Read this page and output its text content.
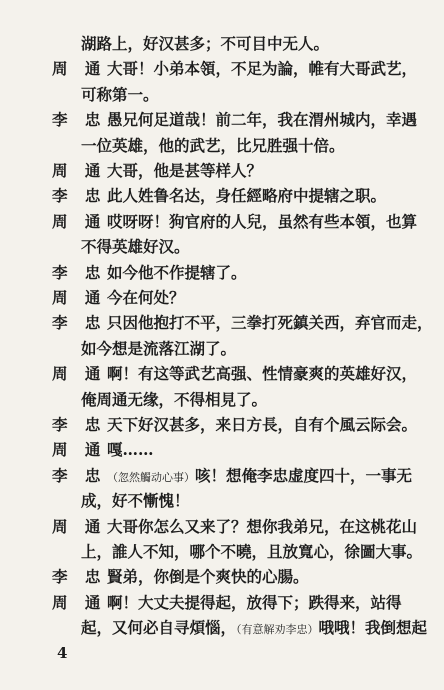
湖路上，好汉甚多；不可目中无人。
周 通 大哥！小弟本領，不足为論，帷有大哥武艺，
可称第一。
李 忠 愚兄何足道哉！前二年，我在渭州城内，幸遇
一位英雄，他的武艺，比兄胜强十倍。
周 通 大哥，他是甚等样人？
李 忠 此人姓鲁名达，身任經略府中提辖之职。
周 通 哎呀呀！狗官府的人兒，虽然有些本領，也算
不得英雄好汉。
李 忠 如今他不作提辖了。
周 通 今在何处？
李 忠 只因他抱打不平，三拳打死鎮关西，弃官而走，
如今想是流落江湖了。
周 通 啊！有这等武艺高强、性情豪爽的英雄好汉，
俺周通无缘，不得相見了。
李 忠 天下好汉甚多，来日方長，自有个風云际会。
周 通 嘎……
李 忠 （忽然觸动心事）咳！想俺李忠虚度四十，一事无
成，好不慚愧！
周 通 大哥你怎么又来了？想你我弟兄，在这桃花山
上，誰人不知，哪个不曉，且放寬心，徐圖大事。
李 忠 賢弟，你倒是个爽快的心腸。
周 通 啊！大丈夫提得起，放得下；跌得来，站得
起，又何必自寻煩惱，（有意解劝李忠）哦哦！我倒想起
4
